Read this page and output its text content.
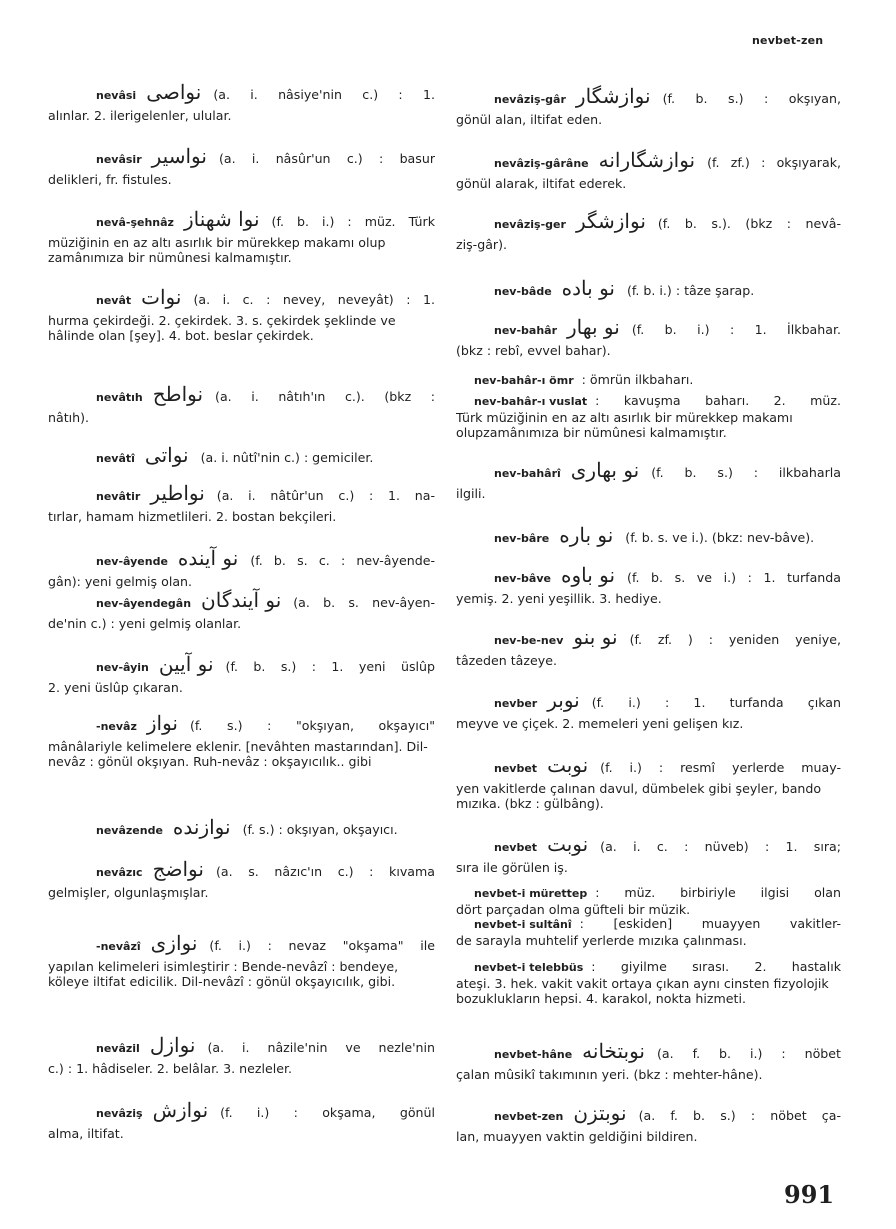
nevbet-zen
nevâsi نواصى (a. i. nâsiye'nin c.) : 1.
alınlar. 2. ilerigelenler, ulular.
nevâsir نواسير (a. i. nâsûr'un c.) : basur
delikleri, fr. fistules.
nevâ-şehnâz نوا شهناز (f. b. i.) : müz. Türk
müziğinin en az altı asırlık bir mürekkep makamı olup zamânımıza bir nümûnesi kalmamıştır.
nevât نوات (a. i. c. : nevey, neveyât) : 1.
hurma çekirdeği. 2. çekirdek. 3. s. çekirdek şeklinde ve hâlinde olan [şey]. 4. bot. beslar çekirdek.
nevâtıh نواطح (a. i. nâtıh'ın c.). (bkz :
nâtıh).
nevâtî نواتى (a. i. nûtî'nin c.) : gemiciler.
nevâtir نواطير (a. i. nâtûr'un c.) : 1. na-
tırlar, hamam hizmetlileri. 2. bostan bekçileri.
nev-âyende نو آينده (f. b. s. c. : nev-âyende-
gân): yeni gelmiş olan.
nev-âyendegân نو آيندگان (a. b. s. nev-âyen-
de'nin c.) : yeni gelmiş olanlar.
nev-âyin نو آيين (f. b. s.) : 1. yeni üslûp
2. yeni üslûp çıkaran.
-nevâz نواز (f. s.) : "okşıyan, okşayıcı"
mânâlariyle kelimelere eklenir. [nevâhten mastarından]. Dil-nevâz : gönül okşıyan. Ruh-nevâz : okşayıcılık.. gibi
nevâzende نوازنده (f. s.) : okşıyan, okşayıcı.
nevâzıc نواضج (a. s. nâzıc'ın c.) : kıvama
gelmişler, olgunlaşmışlar.
-nevâzî نوازى (f. i.) : nevaz "okşama" ile
yapılan kelimeleri isimleştirir : Bende-nevâzî : bendeye, köleye iltifat edicilik. Dil-nevâzî : gönül okşayıcılık, gibi.
nevâzil نوازل (a. i. nâzile'nin ve nezle'nin
c.) : 1. hâdiseler. 2. belâlar. 3. nezleler.
nevâziş نوازش (f. i.) : okşama, gönül
alma, iltifat.
nevâziş-gâr نوازشگار (f. b. s.) : okşıyan,
gönül alan, iltifat eden.
nevâziş-gârâne نوازشگارانه (f. zf.) : okşıyarak,
gönül alarak, iltifat ederek.
nevâziş-ger نوازشگر (f. b. s.). (bkz : nevâ-
ziş-gâr).
nev-bâde نو باده (f. b. i.) : tâze şarap.
nev-bahâr نو بهار (f. b. i.) : 1. İlkbahar.
(bkz : rebî, evvel bahar).
nev-bahâr-ı ömr : ömrün ilkbaharı.
nev-bahâr-ı vuslat : kavuşma baharı. 2. müz.
Türk müziğinin en az altı asırlık bir mürekkep makamı olupzamânımıza bir nümûnesi kalmamıştır.
nev-bahârî نو بهارى (f. b. s.) : ilkbaharla
ilgili.
nev-bâre نو باره (f. b. s. ve i.). (bkz: nev-bâve).
nev-bâve نو باوه (f. b. s. ve i.) : 1. turfanda
yemiş. 2. yeni yeşillik. 3. hediye.
nev-be-nev نو بنو (f. zf. ) : yeniden yeniye,
tâzeden tâzeye.
nevber نوبر (f. i.) : 1. turfanda çıkan
meyve ve çiçek. 2. memeleri yeni gelişen kız.
nevbet نوبت (f. i.) : resmî yerlerde muay-
yen vakitlerde çalınan davul, dümbelek gibi şeyler, bando mızıka. (bkz : gülbâng).
nevbet نوبت (a. i. c. : nüveb) : 1. sıra;
sıra ile görülen iş.
nevbet-i mürettep : müz. birbiriyle ilgisi olan
dört parçadan olma güfteli bir müzik.
nevbet-i sultânî : [eskiden] muayyen vakitler-
de sarayla muhtelif yerlerde mızıka çalınması.
nevbet-i telebbüs : giyilme sırası. 2. hastalık
ateşi. 3. hek. vakit vakit ortaya çıkan aynı cinsten fizyolojik bozuklukların hepsi. 4. karakol, nokta hizmeti.
nevbet-hâne نوبتخانه (a. f. b. i.) : nöbet
çalan mûsikî takımının yeri. (bkz : mehter-hâne).
nevbet-zen نوبتزن (a. f. b. s.) : nöbet ça-
lan, muayyen vaktin geldiğini bildiren.
991
